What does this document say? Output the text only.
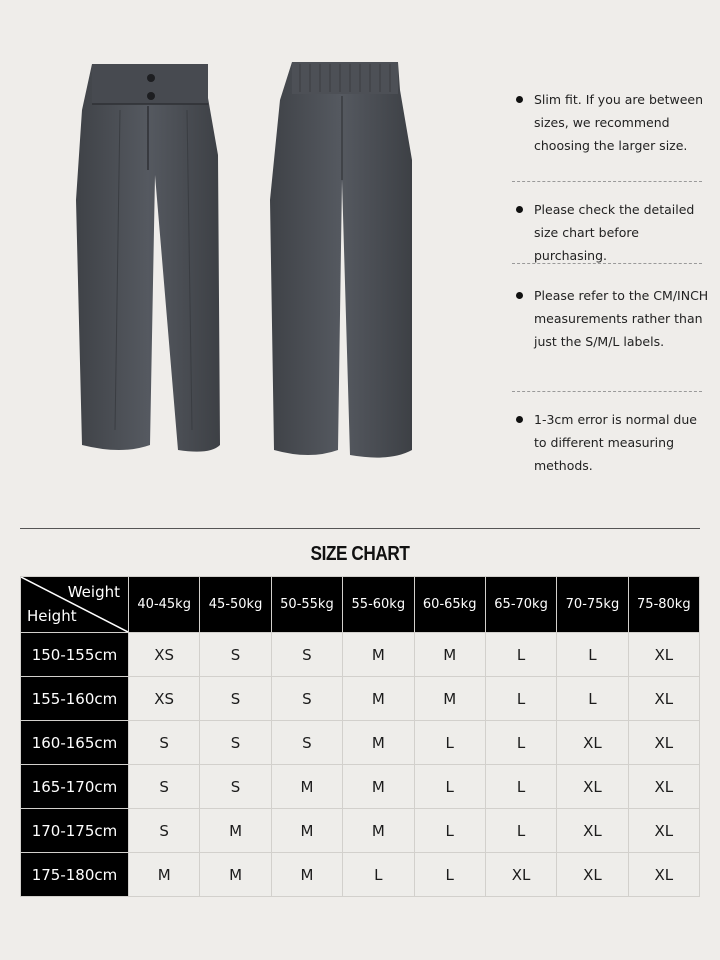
Slim fit. If you are between sizes, we recommend choosing the larger size.
Please check the detailed size chart before purchasing.
Please refer to the CM/INCH measurements rather than just the S/M/L labels.
1-3cm error is normal due to different measuring methods.
SIZE CHART
Weight
Height	40-45kg	45-50kg	50-55kg	55-60kg	60-65kg	65-70kg	70-75kg	75-80kg
150-155cm	XS	S	S	M	M	L	L	XL
155-160cm	XS	S	S	M	M	L	L	XL
160-165cm	S	S	S	M	L	L	XL	XL
165-170cm	S	S	M	M	L	L	XL	XL
170-175cm	S	M	M	M	L	L	XL	XL
175-180cm	M	M	M	L	L	XL	XL	XL
